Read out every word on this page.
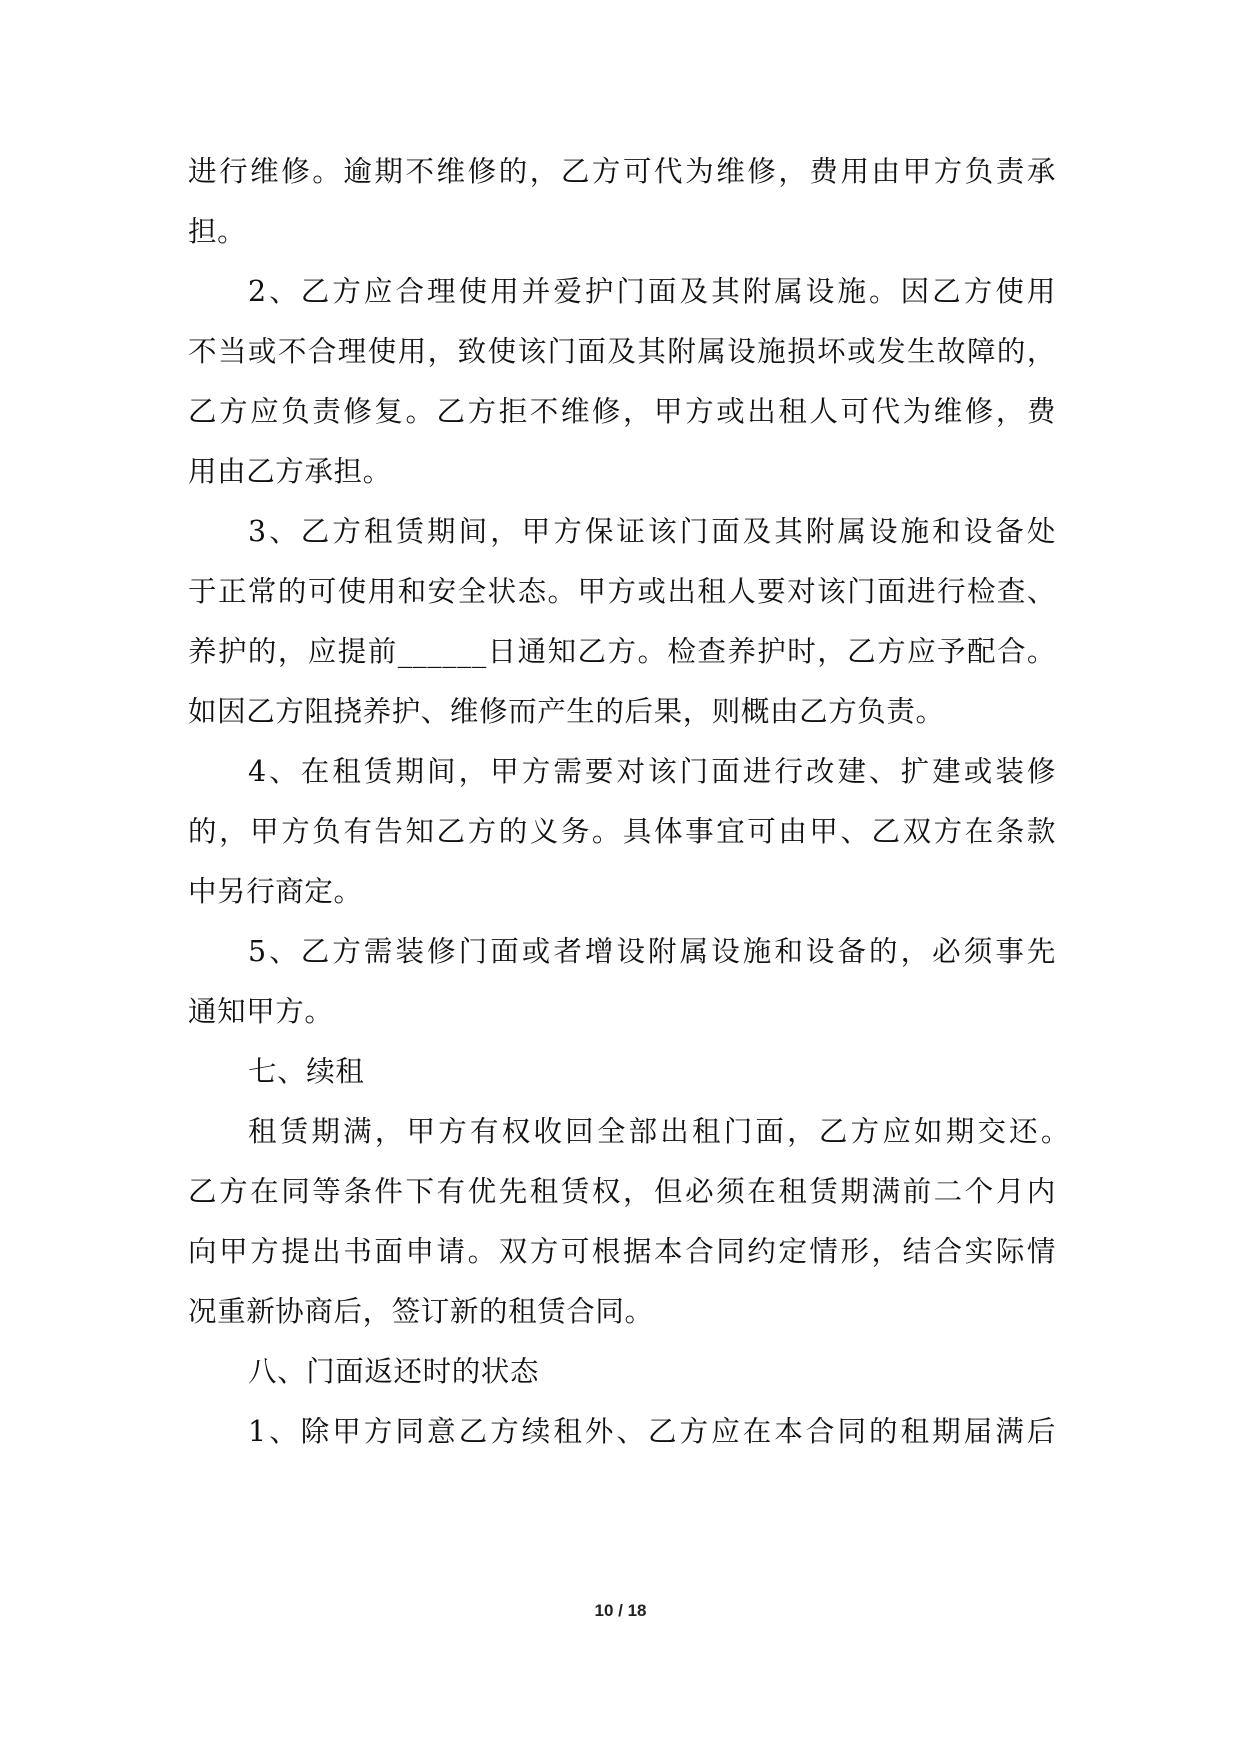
进行维修。逾期不维修的，乙方可代为维修，费用由甲方负责承
担。
2、乙方应合理使用并爱护门面及其附属设施。因乙方使用
不当或不合理使用，致使该门面及其附属设施损坏或发生故障的，
乙方应负责修复。乙方拒不维修，甲方或出租人可代为维修，费
用由乙方承担。
3、乙方租赁期间，甲方保证该门面及其附属设施和设备处
于正常的可使用和安全状态。甲方或出租人要对该门面进行检查、
养护的，应提前______日通知乙方。检查养护时，乙方应予配合。
如因乙方阻挠养护、维修而产生的后果，则概由乙方负责。
4、在租赁期间，甲方需要对该门面进行改建、扩建或装修
的，甲方负有告知乙方的义务。具体事宜可由甲、乙双方在条款
中另行商定。
5、乙方需装修门面或者增设附属设施和设备的，必须事先
通知甲方。
七、续租
租赁期满，甲方有权收回全部出租门面，乙方应如期交还。
乙方在同等条件下有优先租赁权，但必须在租赁期满前二个月内
向甲方提出书面申请。双方可根据本合同约定情形，结合实际情
况重新协商后，签订新的租赁合同。
八、门面返还时的状态
1、除甲方同意乙方续租外、乙方应在本合同的租期届满后
10 / 18
